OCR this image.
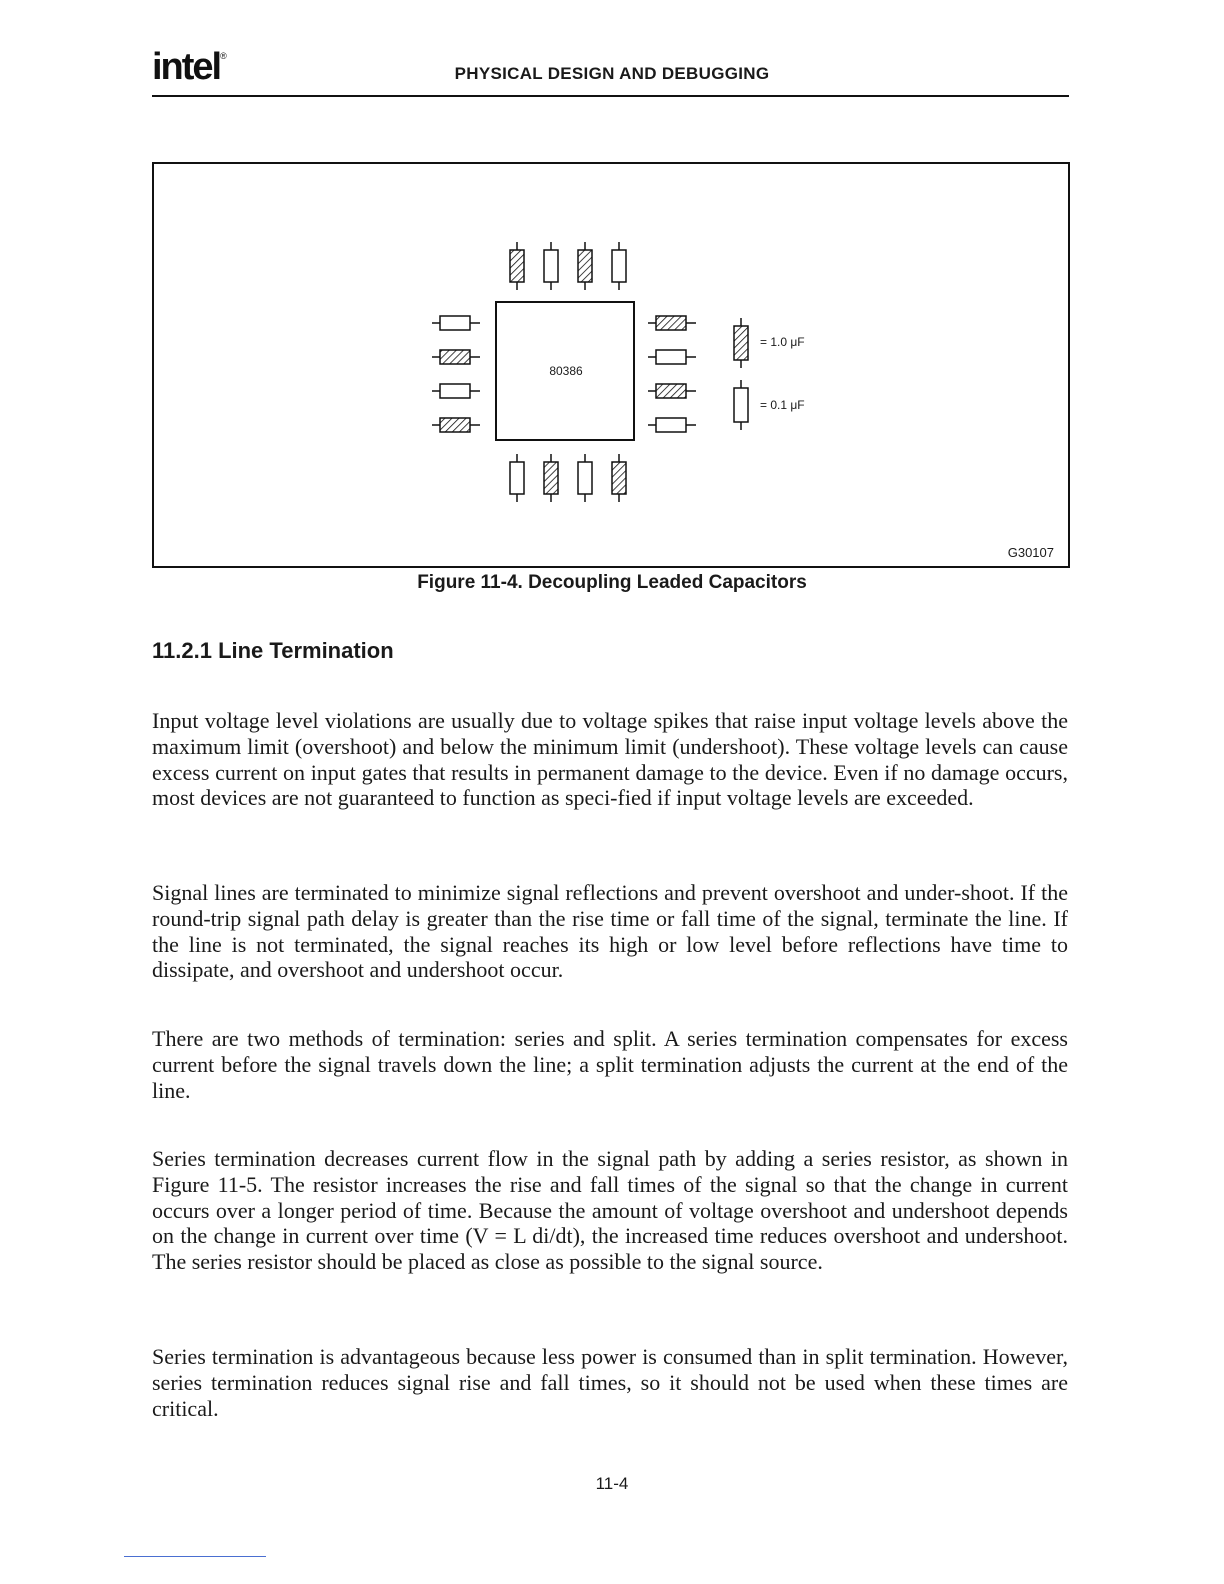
intel®
PHYSICAL DESIGN AND DEBUGGING
80386
= 1.0 μF
= 0.1 μF
G30107
Figure 11-4. Decoupling Leaded Capacitors
11.2.1 Line Termination

Input voltage level violations are usually due to voltage spikes that raise input voltage levels above the maximum limit (overshoot) and below the minimum limit (undershoot). These voltage levels can cause excess current on input gates that results in permanent damage to the device. Even if no damage occurs, most devices are not guaranteed to function as speci-fied if input voltage levels are exceeded.

Signal lines are terminated to minimize signal reflections and prevent overshoot and under-shoot. If the round-trip signal path delay is greater than the rise time or fall time of the signal, terminate the line. If the line is not terminated, the signal reaches its high or low level before reflections have time to dissipate, and overshoot and undershoot occur.

There are two methods of termination: series and split. A series termination compensates for excess current before the signal travels down the line; a split termination adjusts the current at the end of the line.

Series termination decreases current flow in the signal path by adding a series resistor, as shown in Figure 11-5. The resistor increases the rise and fall times of the signal so that the change in current occurs over a longer period of time. Because the amount of voltage overshoot and undershoot depends on the change in current over time (V = L di/dt), the increased time reduces overshoot and undershoot. The series resistor should be placed as close as possible to the signal source.

Series termination is advantageous because less power is consumed than in split termination. However, series termination reduces signal rise and fall times, so it should not be used when these times are critical.

11-4
